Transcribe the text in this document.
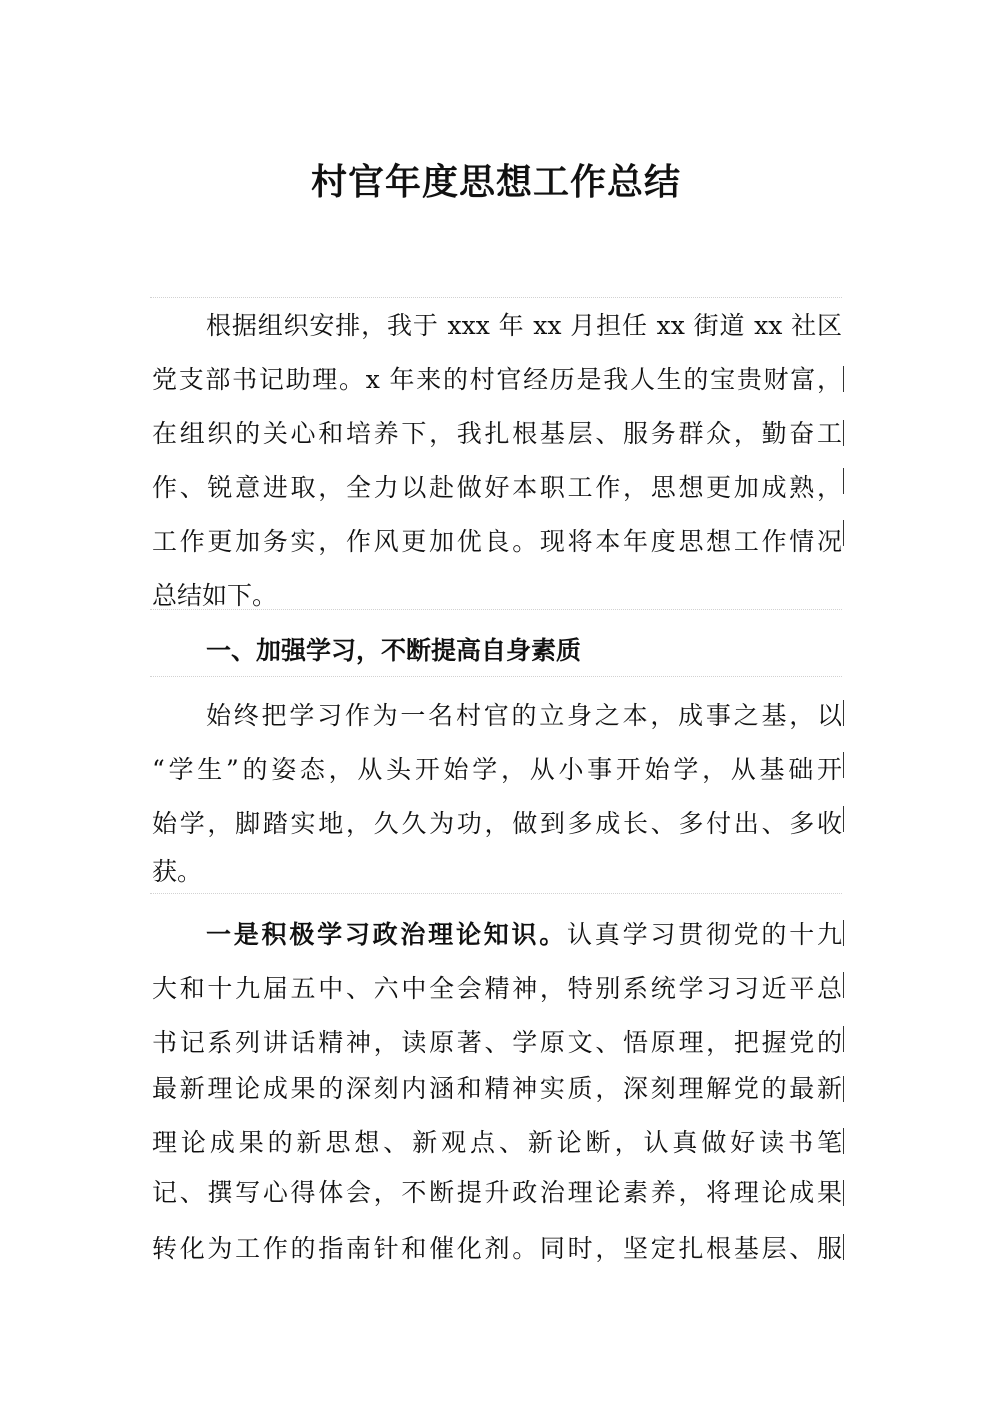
村官年度思想工作总结

根据组织安排，我于 xxx 年 xx 月担任 xx 街道 xx 社区

党支部书记助理。x 年来的村官经历是我人生的宝贵财富，

在组织的关心和培养下，我扎根基层、服务群众，勤奋工

作、锐意进取，全力以赴做好本职工作，思想更加成熟，

工作更加务实，作风更加优良。现将本年度思想工作情况

总结如下。

一、加强学习，不断提高自身素质

始终把学习作为一名村官的立身之本，成事之基，以

“学生”的姿态，从头开始学，从小事开始学，从基础开

始学，脚踏实地，久久为功，做到多成长、多付出、多收

获。

一是积极学习政治理论知识。认真学习贯彻党的十九

大和十九届五中、六中全会精神，特别系统学习习近平总

书记系列讲话精神，读原著、学原文、悟原理，把握党的

最新理论成果的深刻内涵和精神实质，深刻理解党的最新

理论成果的新思想、新观点、新论断，认真做好读书笔

记、撰写心得体会，不断提升政治理论素养，将理论成果

转化为工作的指南针和催化剂。同时，坚定扎根基层、服
